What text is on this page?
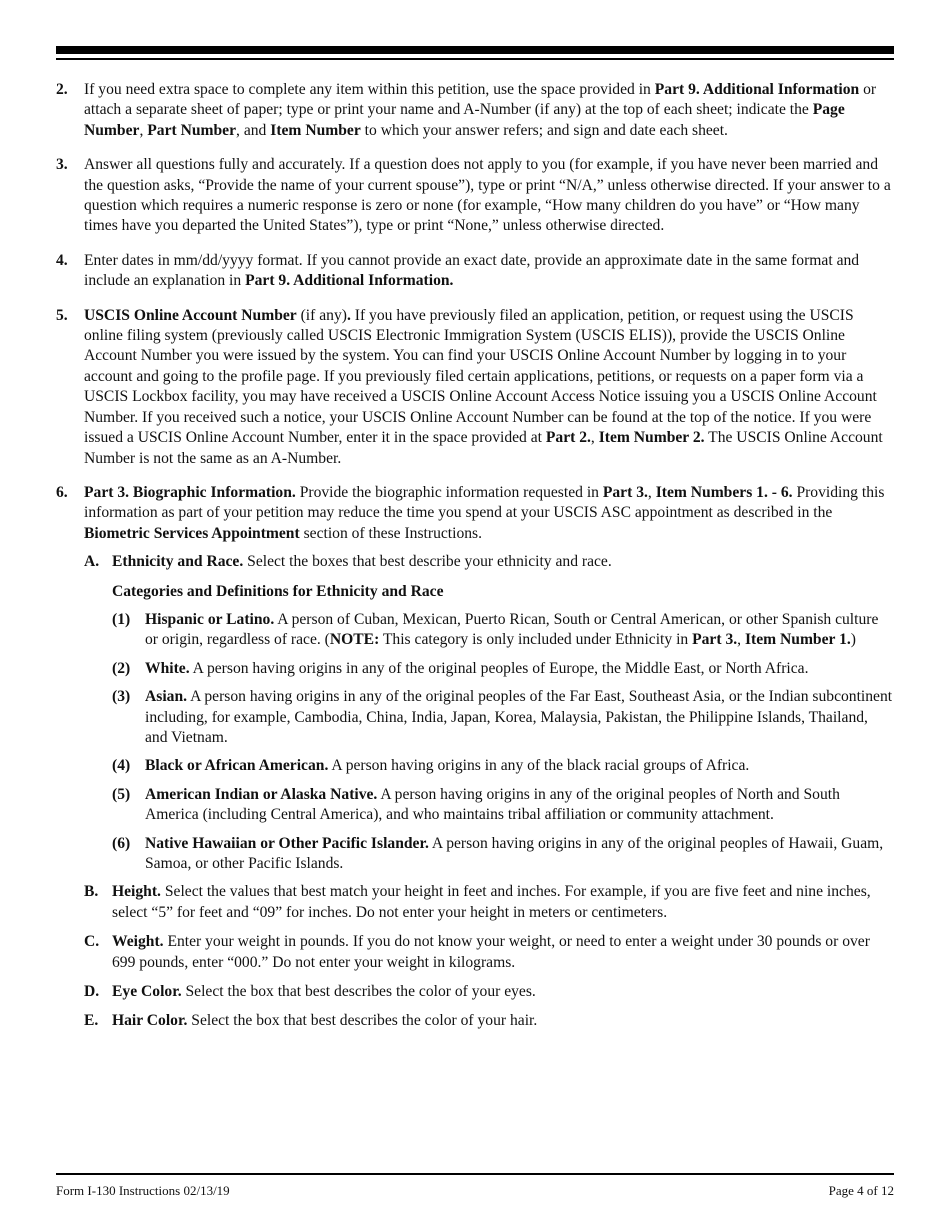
2. If you need extra space to complete any item within this petition, use the space provided in Part 9. Additional Information or attach a separate sheet of paper; type or print your name and A-Number (if any) at the top of each sheet; indicate the Page Number, Part Number, and Item Number to which your answer refers; and sign and date each sheet.

3. Answer all questions fully and accurately. If a question does not apply to you (for example, if you have never been married and the question asks, “Provide the name of your current spouse”), type or print “N/A,” unless otherwise directed. If your answer to a question which requires a numeric response is zero or none (for example, “How many children do you have” or “How many times have you departed the United States”), type or print “None,” unless otherwise directed.

4. Enter dates in mm/dd/yyyy format. If you cannot provide an exact date, provide an approximate date in the same format and include an explanation in Part 9. Additional Information.

5. USCIS Online Account Number (if any). If you have previously filed an application, petition, or request using the USCIS online filing system (previously called USCIS Electronic Immigration System (USCIS ELIS)), provide the USCIS Online Account Number you were issued by the system. You can find your USCIS Online Account Number by logging in to your account and going to the profile page. If you previously filed certain applications, petitions, or requests on a paper form via a USCIS Lockbox facility, you may have received a USCIS Online Account Access Notice issuing you a USCIS Online Account Number. If you received such a notice, your USCIS Online Account Number can be found at the top of the notice. If you were issued a USCIS Online Account Number, enter it in the space provided at Part 2., Item Number 2. The USCIS Online Account Number is not the same as an A-Number.

6. Part 3. Biographic Information. Provide the biographic information requested in Part 3., Item Numbers 1. - 6. Providing this information as part of your petition may reduce the time you spend at your USCIS ASC appointment as described in the Biometric Services Appointment section of these Instructions.

A. Ethnicity and Race. Select the boxes that best describe your ethnicity and race.

Categories and Definitions for Ethnicity and Race
(1) Hispanic or Latino. A person of Cuban, Mexican, Puerto Rican, South or Central American, or other Spanish culture or origin, regardless of race. (NOTE: This category is only included under Ethnicity in Part 3., Item Number 1.)

(2) White. A person having origins in any of the original peoples of Europe, the Middle East, or North Africa.

(3) Asian. A person having origins in any of the original peoples of the Far East, Southeast Asia, or the Indian subcontinent including, for example, Cambodia, China, India, Japan, Korea, Malaysia, Pakistan, the Philippine Islands, Thailand, and Vietnam.

(4) Black or African American. A person having origins in any of the black racial groups of Africa.

(5) American Indian or Alaska Native. A person having origins in any of the original peoples of North and South America (including Central America), and who maintains tribal affiliation or community attachment.

(6) Native Hawaiian or Other Pacific Islander. A person having origins in any of the original peoples of Hawaii, Guam, Samoa, or other Pacific Islands.

B. Height. Select the values that best match your height in feet and inches. For example, if you are five feet and nine inches, select “5” for feet and “09” for inches. Do not enter your height in meters or centimeters.

C. Weight. Enter your weight in pounds. If you do not know your weight, or need to enter a weight under 30 pounds or over 699 pounds, enter “000.” Do not enter your weight in kilograms.

D. Eye Color. Select the box that best describes the color of your eyes.

E. Hair Color. Select the box that best describes the color of your hair.

Form I-130 Instructions 02/13/19	Page 4 of 12
